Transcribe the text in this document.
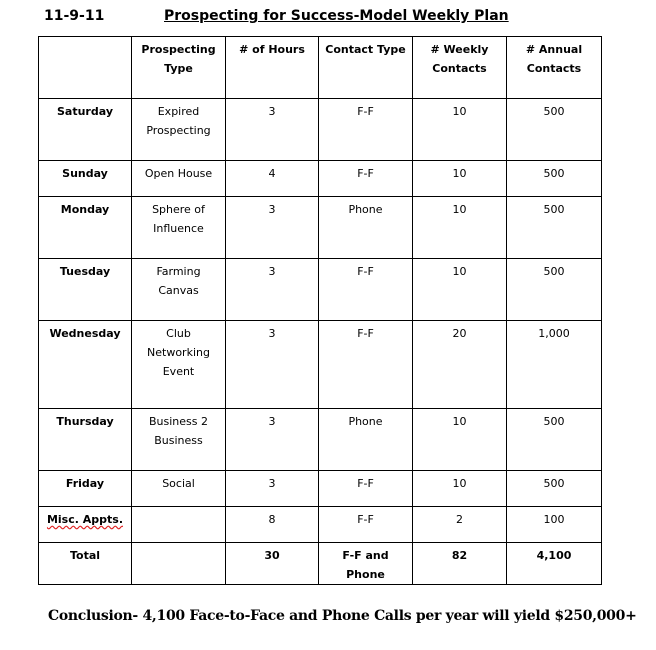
11-9-11	Prospecting for Success-Model Weekly Plan
	Prospecting Type	# of Hours	Contact Type	# Weekly Contacts	# Annual Contacts
Saturday	Expired Prospecting	3	F-F	10	500
Sunday	Open House	4	F-F	10	500
Monday	Sphere of Influence	3	Phone	10	500
Tuesday	Farming Canvas	3	F-F	10	500
Wednesday	Club Networking Event	3	F-F	20	1,000
Thursday	Business 2 Business	3	Phone	10	500
Friday	Social	3	F-F	10	500
Misc. Appts.		8	F-F	2	100
Total		30	F-F and Phone	82	4,100
Conclusion- 4,100 Face-to-Face and Phone Calls per year will yield $250,000+
